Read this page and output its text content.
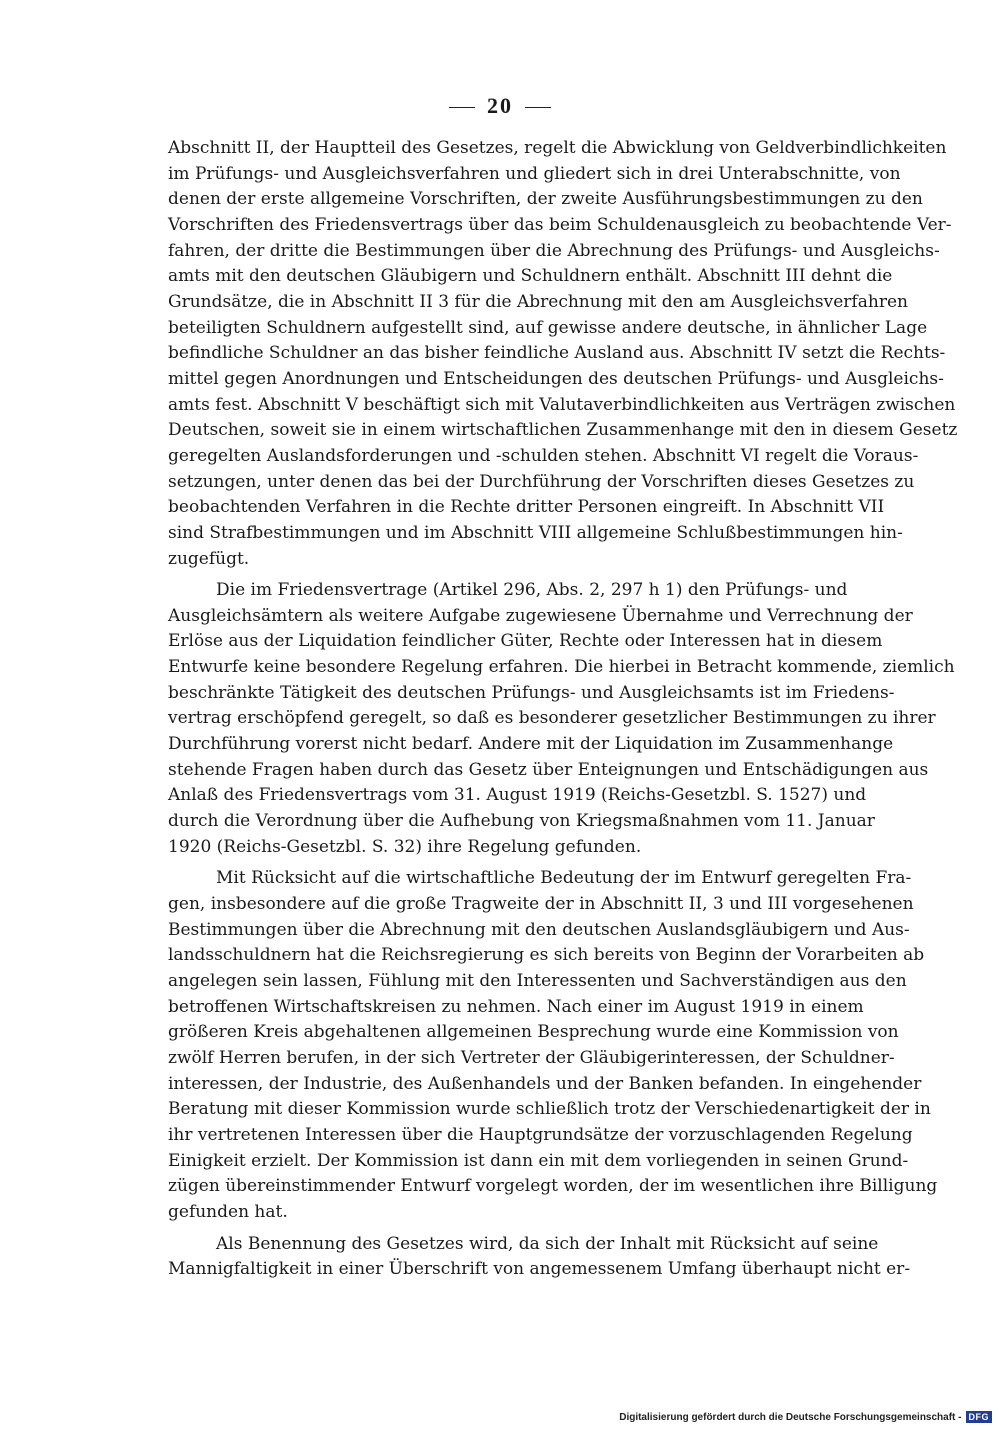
20
Abschnitt II, der Hauptteil des Gesetzes, regelt die Abwicklung von Geldverbindlichkeiten
im Prüfungs- und Ausgleichsverfahren und gliedert sich in drei Unterabschnitte, von
denen der erste allgemeine Vorschriften, der zweite Ausführungsbestimmungen zu den
Vorschriften des Friedensvertrags über das beim Schuldenausgleich zu beobachtende Ver-
fahren, der dritte die Bestimmungen über die Abrechnung des Prüfungs- und Ausgleichs-
amts mit den deutschen Gläubigern und Schuldnern enthält. Abschnitt III dehnt die
Grundsätze, die in Abschnitt II 3 für die Abrechnung mit den am Ausgleichsverfahren
beteiligten Schuldnern aufgestellt sind, auf gewisse andere deutsche, in ähnlicher Lage
befindliche Schuldner an das bisher feindliche Ausland aus. Abschnitt IV setzt die Rechts-
mittel gegen Anordnungen und Entscheidungen des deutschen Prüfungs- und Ausgleichs-
amts fest. Abschnitt V beschäftigt sich mit Valutaverbindlichkeiten aus Verträgen zwischen
Deutschen, soweit sie in einem wirtschaftlichen Zusammenhange mit den in diesem Gesetz
geregelten Auslandsforderungen und -schulden stehen. Abschnitt VI regelt die Voraus-
setzungen, unter denen das bei der Durchführung der Vorschriften dieses Gesetzes zu
beobachtenden Verfahren in die Rechte dritter Personen eingreift. In Abschnitt VII
sind Strafbestimmungen und im Abschnitt VIII allgemeine Schlußbestimmungen hin-
zugefügt.
Die im Friedensvertrage (Artikel 296, Abs. 2, 297 h 1) den Prüfungs- und
Ausgleichsämtern als weitere Aufgabe zugewiesene Übernahme und Verrechnung der
Erlöse aus der Liquidation feindlicher Güter, Rechte oder Interessen hat in diesem
Entwurfe keine besondere Regelung erfahren. Die hierbei in Betracht kommende, ziemlich
beschränkte Tätigkeit des deutschen Prüfungs- und Ausgleichsamts ist im Friedens-
vertrag erschöpfend geregelt, so daß es besonderer gesetzlicher Bestimmungen zu ihrer
Durchführung vorerst nicht bedarf. Andere mit der Liquidation im Zusammenhange
stehende Fragen haben durch das Gesetz über Enteignungen und Entschädigungen aus
Anlaß des Friedensvertrags vom 31. August 1919 (Reichs-Gesetzbl. S. 1527) und
durch die Verordnung über die Aufhebung von Kriegsmaßnahmen vom 11. Januar
1920 (Reichs-Gesetzbl. S. 32) ihre Regelung gefunden.
Mit Rücksicht auf die wirtschaftliche Bedeutung der im Entwurf geregelten Fra-
gen, insbesondere auf die große Tragweite der in Abschnitt II, 3 und III vorgesehenen
Bestimmungen über die Abrechnung mit den deutschen Auslandsgläubigern und Aus-
landsschuldnern hat die Reichsregierung es sich bereits von Beginn der Vorarbeiten ab
angelegen sein lassen, Fühlung mit den Interessenten und Sachverständigen aus den
betroffenen Wirtschaftskreisen zu nehmen. Nach einer im August 1919 in einem
größeren Kreis abgehaltenen allgemeinen Besprechung wurde eine Kommission von
zwölf Herren berufen, in der sich Vertreter der Gläubigerinteressen, der Schuldner-
interessen, der Industrie, des Außenhandels und der Banken befanden. In eingehender
Beratung mit dieser Kommission wurde schließlich trotz der Verschiedenartigkeit der in
ihr vertretenen Interessen über die Hauptgrundsätze der vorzuschlagenden Regelung
Einigkeit erzielt. Der Kommission ist dann ein mit dem vorliegenden in seinen Grund-
zügen übereinstimmender Entwurf vorgelegt worden, der im wesentlichen ihre Billigung
gefunden hat.
Als Benennung des Gesetzes wird, da sich der Inhalt mit Rücksicht auf seine
Mannigfaltigkeit in einer Überschrift von angemessenem Umfang überhaupt nicht er-
Digitalisierung gefördert durch die Deutsche Forschungsgemeinschaft - DFG
